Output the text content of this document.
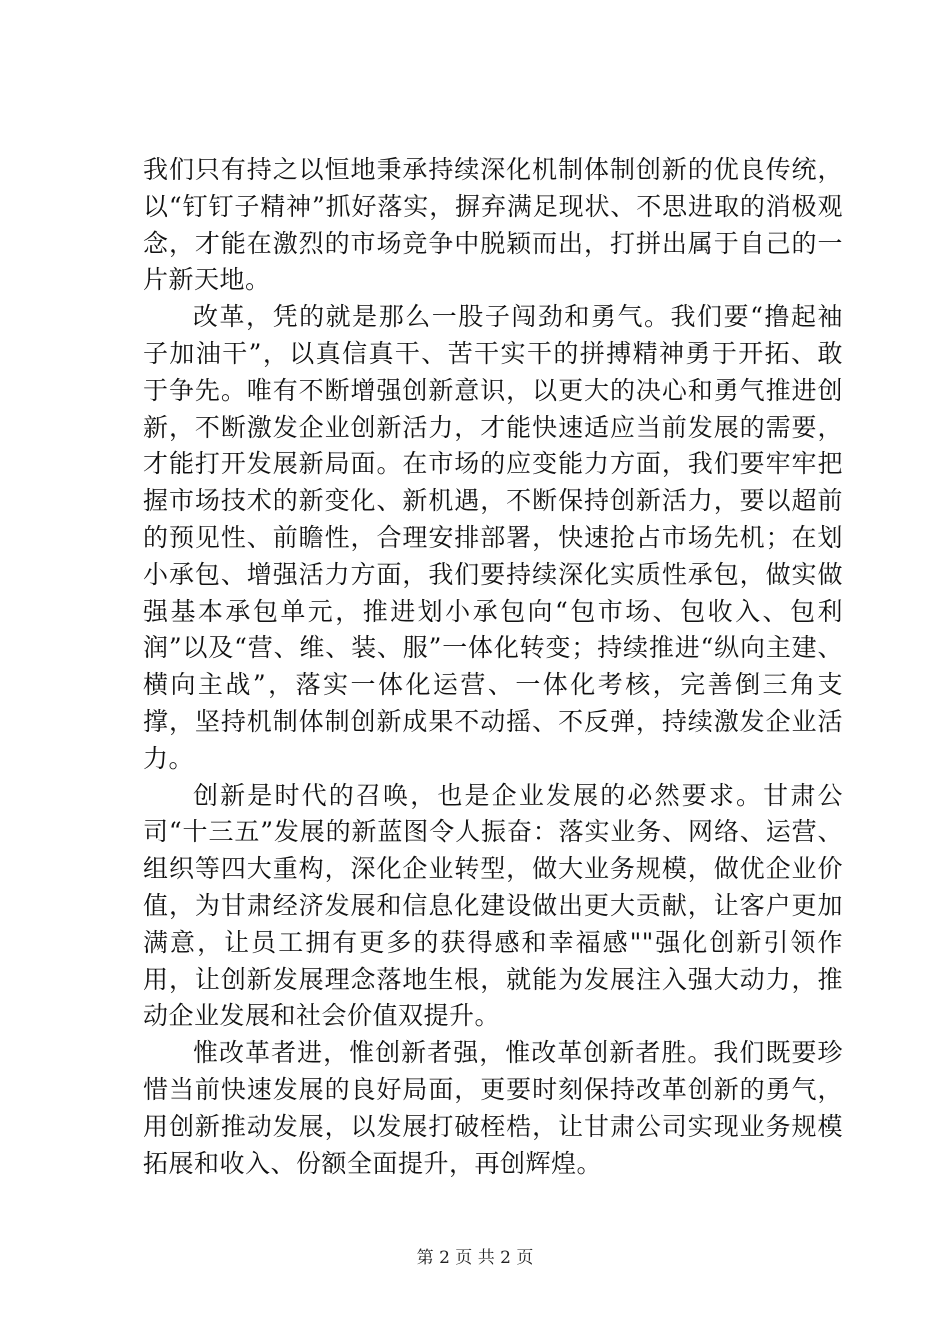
我们只有持之以恒地秉承持续深化机制体制创新的优良传统，以“钉钉子精神”抓好落实，摒弃满足现状、不思进取的消极观念，才能在激烈的市场竞争中脱颖而出，打拼出属于自己的一片新天地。

改革，凭的就是那么一股子闯劲和勇气。我们要“撸起袖子加油干”，以真信真干、苦干实干的拼搏精神勇于开拓、敢于争先。唯有不断增强创新意识，以更大的决心和勇气推进创新，不断激发企业创新活力，才能快速适应当前发展的需要，才能打开发展新局面。在市场的应变能力方面，我们要牢牢把握市场技术的新变化、新机遇，不断保持创新活力，要以超前的预见性、前瞻性，合理安排部署，快速抢占市场先机；在划小承包、增强活力方面，我们要持续深化实质性承包，做实做强基本承包单元，推进划小承包向“包市场、包收入、包利润”以及“营、维、装、服”一体化转变；持续推进“纵向主建、横向主战”，落实一体化运营、一体化考核，完善倒三角支撑，坚持机制体制创新成果不动摇、不反弹，持续激发企业活力。

创新是时代的召唤，也是企业发展的必然要求。甘肃公司“十三五”发展的新蓝图令人振奋：落实业务、网络、运营、组织等四大重构，深化企业转型，做大业务规模，做优企业价值，为甘肃经济发展和信息化建设做出更大贡献，让客户更加满意，让员工拥有更多的获得感和幸福感""强化创新引领作用，让创新发展理念落地生根，就能为发展注入强大动力，推动企业发展和社会价值双提升。

惟改革者进，惟创新者强，惟改革创新者胜。我们既要珍惜当前快速发展的良好局面，更要时刻保持改革创新的勇气，用创新推动发展，以发展打破桎梏，让甘肃公司实现业务规模拓展和收入、份额全面提升，再创辉煌。

第 2 页 共 2 页
